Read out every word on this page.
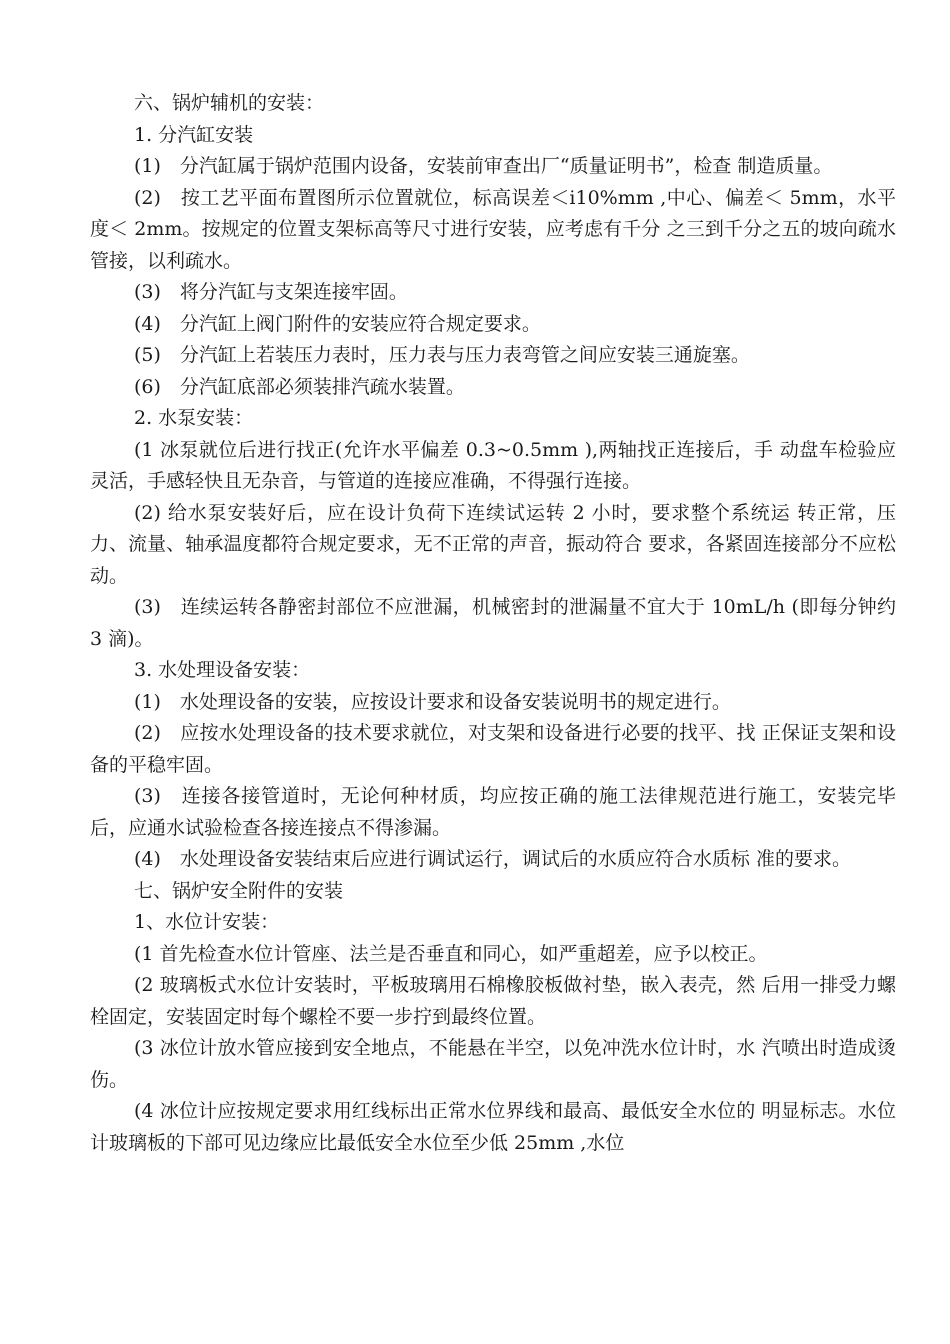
六、锅炉辅机的安装：

1. 分汽缸安装

(1)　分汽缸属于锅炉范围内设备，安装前审查出厂“质量证明书”，检查 制造质量。

(2)　按工艺平面布置图所示位置就位，标高误差＜i10%mm ,中心、偏差＜ 5mm，水平度＜ 2mm。按规定的位置支架标高等尺寸进行安装，应考虑有千分 之三到千分之五的坡向疏水管接，以利疏水。

(3)　将分汽缸与支架连接牢固。

(4)　分汽缸上阀门附件的安装应符合规定要求。

(5)　分汽缸上若装压力表时，压力表与压力表弯管之间应安装三通旋塞。

(6)　分汽缸底部必须装排汽疏水装置。

2. 水泵安装：

(1 冰泵就位后进行找正(允许水平偏差 0.3~0.5mm ),两轴找正连接后，手 动盘车检验应灵活，手感轻快且无杂音，与管道的连接应准确，不得强行连接。

(2) 给水泵安装好后，应在设计负荷下连续试运转 2 小时，要求整个系统运 转正常，压力、流量、轴承温度都符合规定要求，无不正常的声音，振动符合 要求，各紧固连接部分不应松动。

(3)　连续运转各静密封部位不应泄漏，机械密封的泄漏量不宜大于 10mL/h (即每分钟约 3 滴)。

3. 水处理设备安装：

(1)　水处理设备的安装，应按设计要求和设备安装说明书的规定进行。

(2)　应按水处理设备的技术要求就位，对支架和设备进行必要的找平、找 正保证支架和设备的平稳牢固。

(3)　连接各接管道时，无论何种材质，均应按正确的施工法律规范进行施工，安装完毕后，应通水试验检查各接连接点不得渗漏。

(4)　水处理设备安装结束后应进行调试运行，调试后的水质应符合水质标 准的要求。

七、锅炉安全附件的安装

1、水位计安装：

(1 首先检查水位计管座、法兰是否垂直和同心，如严重超差，应予以校正。

(2 玻璃板式水位计安装时，平板玻璃用石棉橡胶板做衬垫，嵌入表壳，然 后用一排受力螺栓固定，安装固定时每个螺栓不要一步拧到最终位置。

(3 冰位计放水管应接到安全地点，不能悬在半空，以免冲洗水位计时，水 汽喷出时造成烫伤。

(4 冰位计应按规定要求用红线标出正常水位界线和最高、最低安全水位的 明显标志。水位计玻璃板的下部可见边缘应比最低安全水位至少低 25mm ,水位
